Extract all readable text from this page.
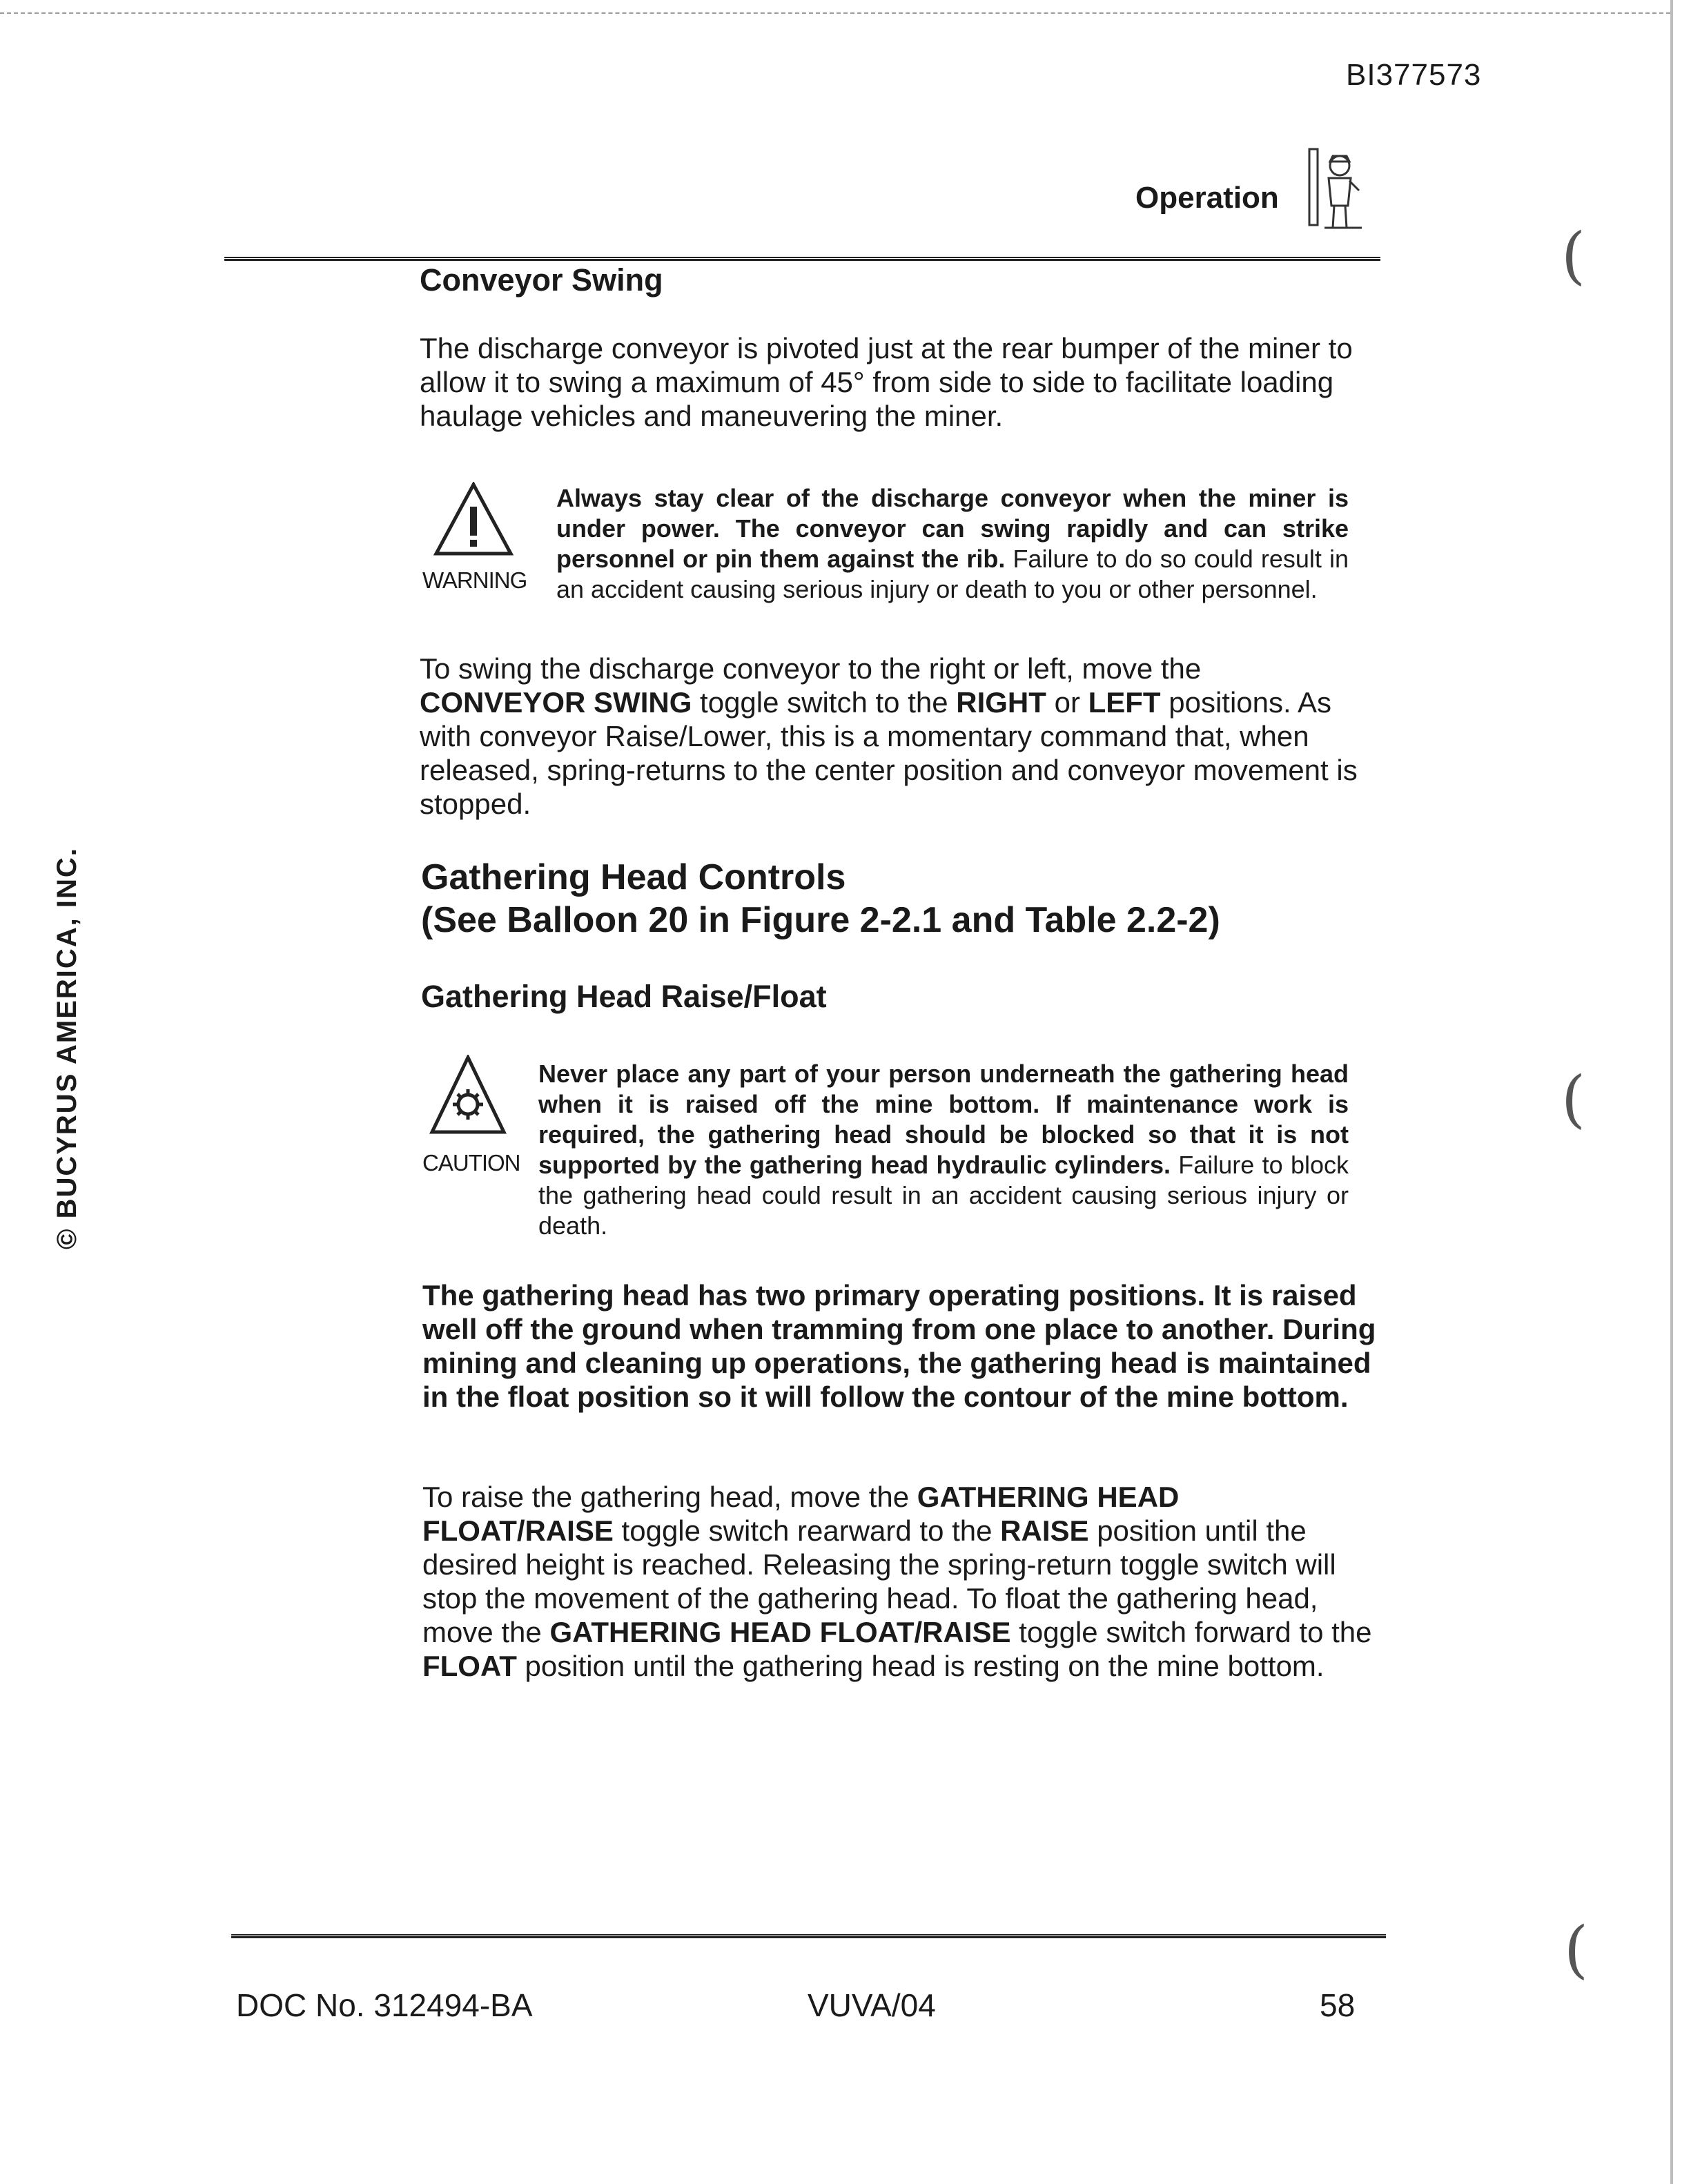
BI377573
Operation
Conveyor Swing
The discharge conveyor is pivoted just at the rear bumper of the miner to allow it to swing a maximum of 45° from side to side to facilitate loading haulage vehicles and maneuvering the miner.
WARNING
Always stay clear of the discharge conveyor when the miner is under power. The conveyor can swing rapidly and can strike personnel or pin them against the rib. Failure to do so could result in an accident causing serious injury or death to you or other personnel.
To swing the discharge conveyor to the right or left, move the CONVEYOR SWING toggle switch to the RIGHT or LEFT positions. As with conveyor Raise/Lower, this is a momentary command that, when released, spring-returns to the center position and conveyor movement is stopped.
Gathering Head Controls
(See Balloon 20 in Figure 2-2.1 and Table 2.2-2)
Gathering Head Raise/Float
CAUTION
Never place any part of your person underneath the gathering head when it is raised off the mine bottom. If maintenance work is required, the gathering head should be blocked so that it is not supported by the gathering head hydraulic cylinders. Failure to block the gathering head could result in an accident causing serious injury or death.
The gathering head has two primary operating positions. It is raised well off the ground when tramming from one place to another. During mining and cleaning up operations, the gathering head is maintained in the float position so it will follow the contour of the mine bottom.
To raise the gathering head, move the GATHERING HEAD FLOAT/RAISE toggle switch rearward to the RAISE position until the desired height is reached. Releasing the spring-return toggle switch will stop the movement of the gathering head. To float the gathering head, move the GATHERING HEAD FLOAT/RAISE toggle switch forward to the FLOAT position until the gathering head is resting on the mine bottom.
(
(
(
© BUCYRUS AMERICA, INC.
DOC No. 312494-BA	VUVA/04	58
